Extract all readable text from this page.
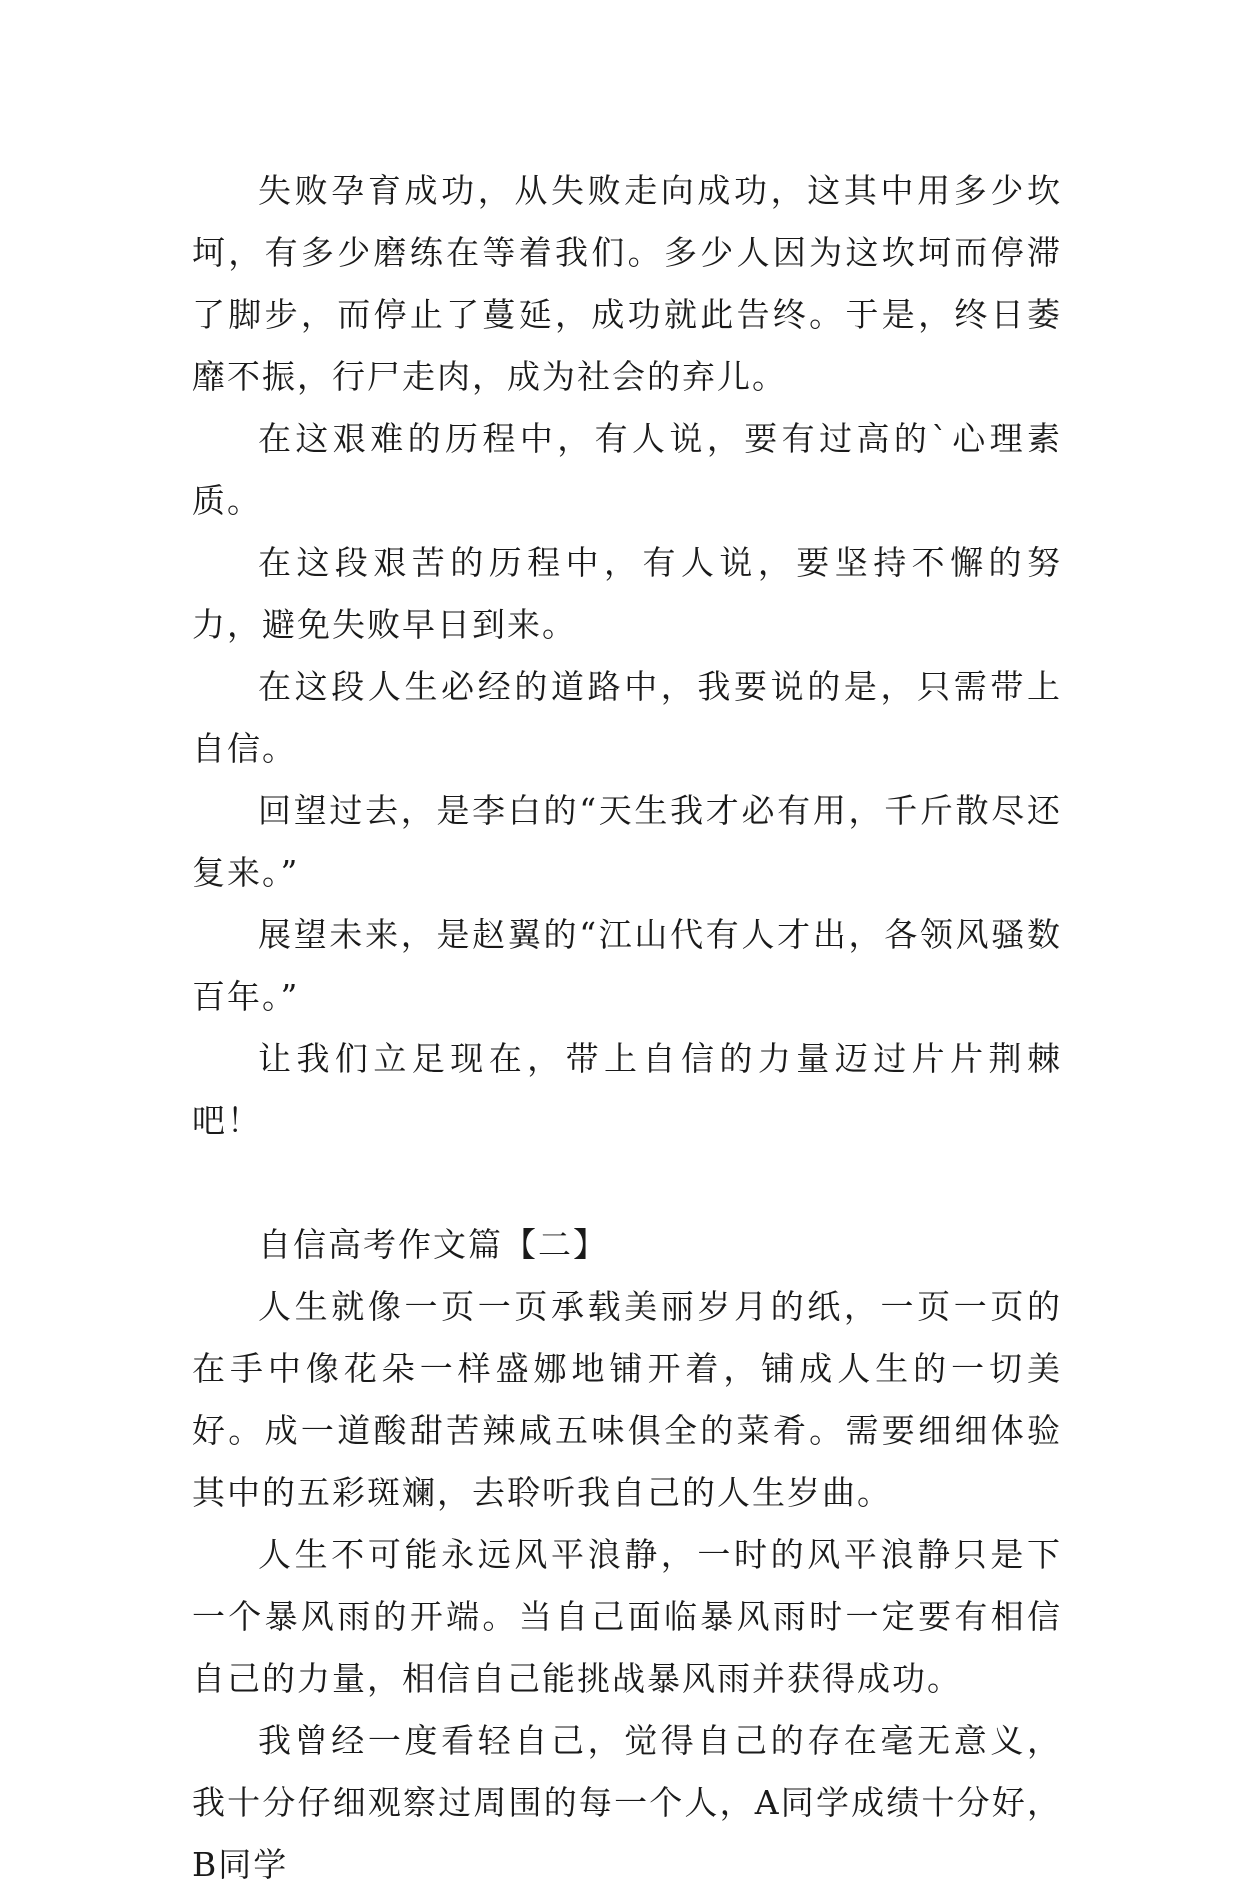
失败孕育成功，从失败走向成功，这其中用多少坎坷，有多少磨练在等着我们。多少人因为这坎坷而停滞了脚步，而停止了蔓延，成功就此告终。于是，终日萎靡不振，行尸走肉，成为社会的弃儿。

在这艰难的历程中，有人说，要有过高的`心理素质。

在这段艰苦的历程中，有人说，要坚持不懈的努力，避免失败早日到来。

在这段人生必经的道路中，我要说的是，只需带上自信。

回望过去，是李白的“天生我才必有用，千斤散尽还复来。”

展望未来，是赵翼的“江山代有人才出，各领风骚数百年。”

让我们立足现在，带上自信的力量迈过片片荆棘吧！

自信高考作文篇【二】

人生就像一页一页承载美丽岁月的纸，一页一页的在手中像花朵一样盛娜地铺开着，铺成人生的一切美好。成一道酸甜苦辣咸五味俱全的菜肴。需要细细体验其中的五彩斑斓，去聆听我自己的人生岁曲。

人生不可能永远风平浪静，一时的风平浪静只是下一个暴风雨的开端。当自己面临暴风雨时一定要有相信自己的力量，相信自己能挑战暴风雨并获得成功。

我曾经一度看轻自己，觉得自己的存在毫无意义，我十分仔细观察过周围的每一个人，A同学成绩十分好，B同学
